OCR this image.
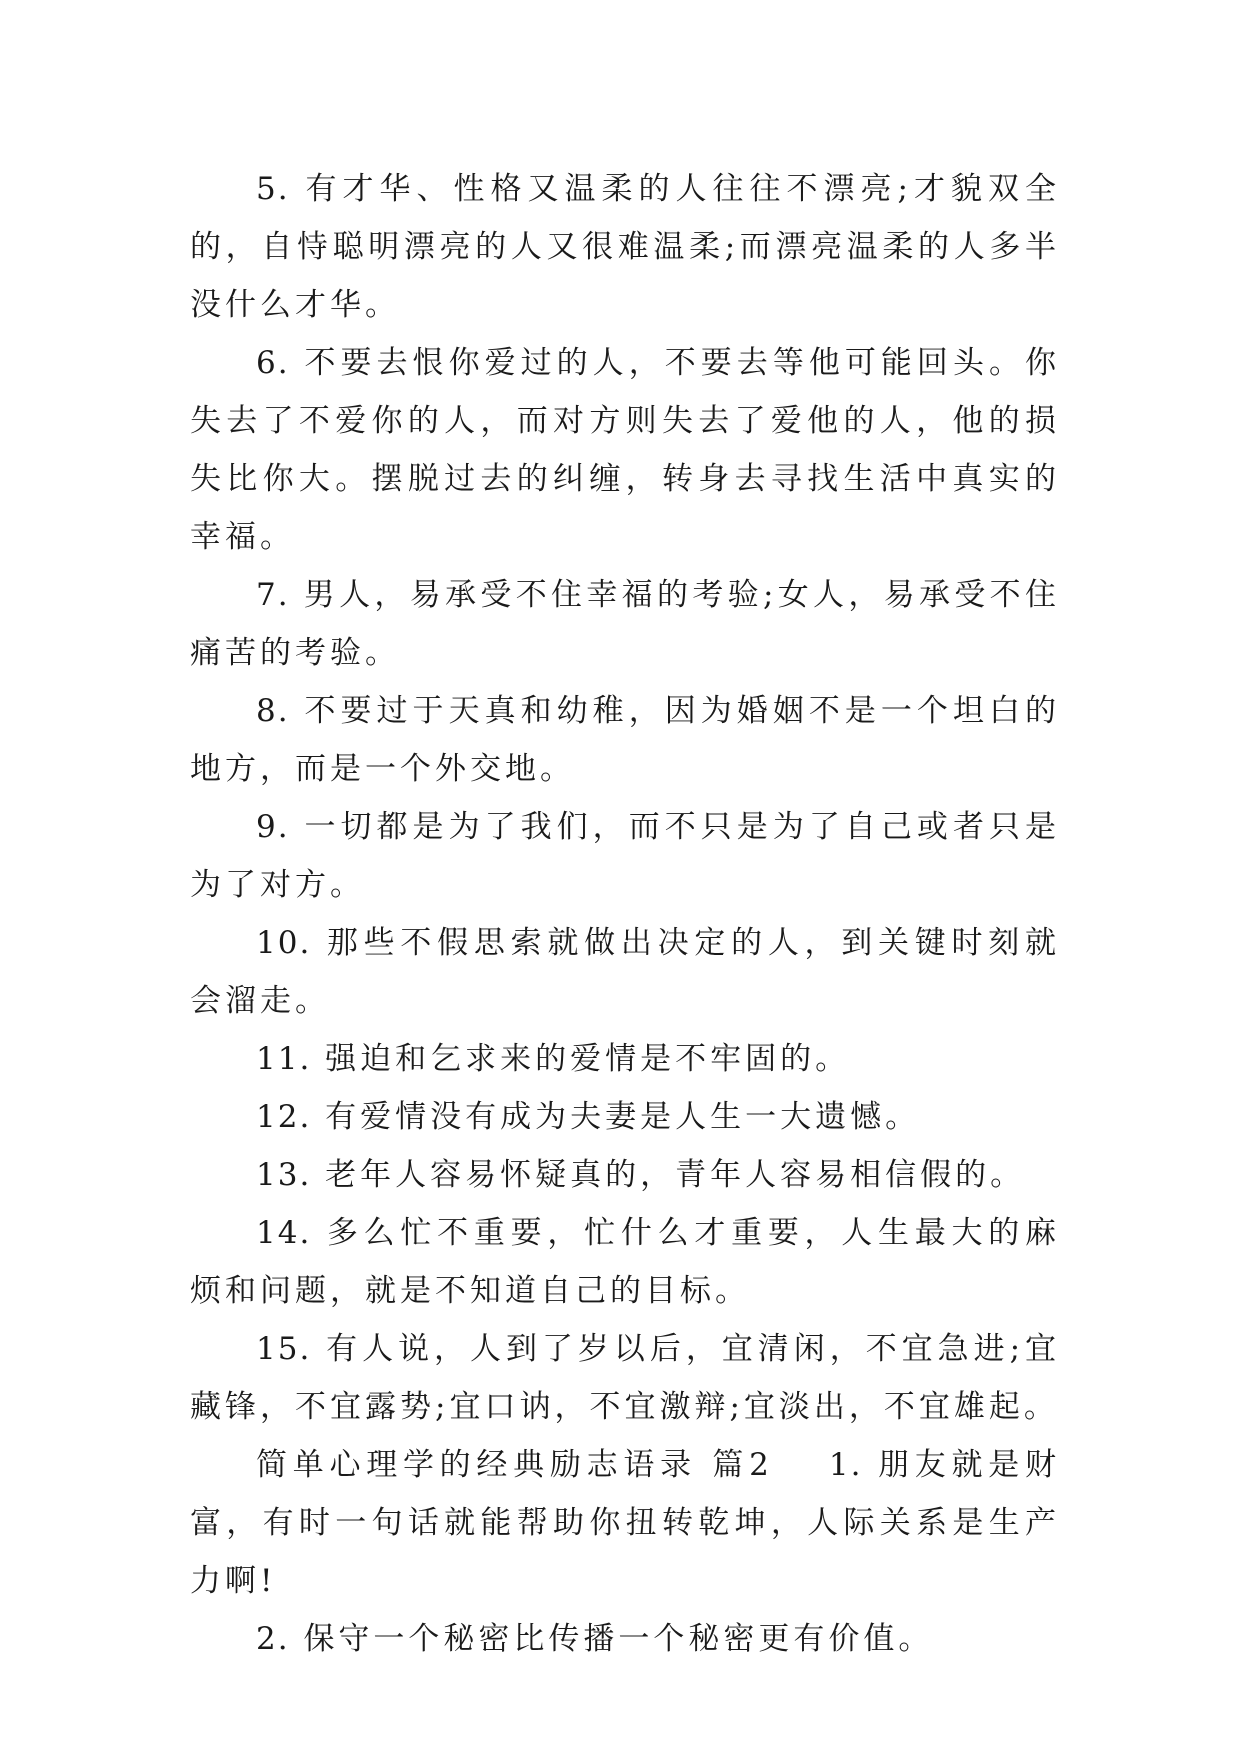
5. 有才华、性格又温柔的人往往不漂亮;才貌双全的，自恃聪明漂亮的人又很难温柔;而漂亮温柔的人多半没什么才华。

6. 不要去恨你爱过的人，不要去等他可能回头。你失去了不爱你的人，而对方则失去了爱他的人，他的损失比你大。摆脱过去的纠缠，转身去寻找生活中真实的幸福。

7. 男人，易承受不住幸福的考验;女人，易承受不住痛苦的考验。

8. 不要过于天真和幼稚，因为婚姻不是一个坦白的地方，而是一个外交地。

9. 一切都是为了我们，而不只是为了自己或者只是为了对方。

10. 那些不假思索就做出决定的人，到关键时刻就会溜走。

11. 强迫和乞求来的爱情是不牢固的。

12. 有爱情没有成为夫妻是人生一大遗憾。

13. 老年人容易怀疑真的，青年人容易相信假的。

14. 多么忙不重要，忙什么才重要，人生最大的麻烦和问题，就是不知道自己的目标。

15. 有人说，人到了岁以后，宜清闲，不宜急进;宜藏锋，不宜露势;宜口讷，不宜激辩;宜淡出，不宜雄起。

简单心理学的经典励志语录 篇2 1. 朋友就是财富，有时一句话就能帮助你扭转乾坤，人际关系是生产力啊!

2. 保守一个秘密比传播一个秘密更有价值。
